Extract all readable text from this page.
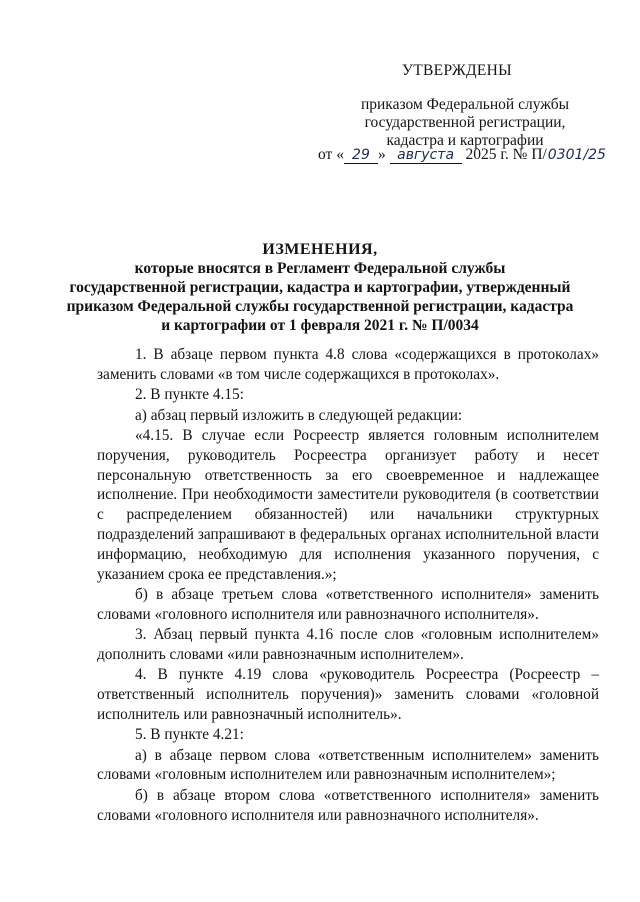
УТВЕРЖДЕНЫ
приказом Федеральной службы
государственной регистрации,
кадастра и картографии
от « 29 » августа 2025 г. № П/0301/25
ИЗМЕНЕНИЯ,
которые вносятся в Регламент Федеральной службы
государственной регистрации, кадастра и картографии, утвержденный
приказом Федеральной службы государственной регистрации, кадастра
и картографии от 1 февраля 2021 г. № П/0034

1. В абзаце первом пункта 4.8 слова «содержащихся в протоколах» заменить словами «в том числе содержащихся в протоколах».

2. В пункте 4.15:

а) абзац первый изложить в следующей редакции:

«4.15. В случае если Росреестр является головным исполнителем поручения, руководитель Росреестра организует работу и несет персональную ответственность за его своевременное и надлежащее исполнение. При необходимости заместители руководителя (в соответствии с распределением обязанностей) или начальники структурных подразделений запрашивают в федеральных органах исполнительной власти информацию, необходимую для исполнения указанного поручения, с указанием срока ее представления.»;

б) в абзаце третьем слова «ответственного исполнителя» заменить словами «головного исполнителя или равнозначного исполнителя».

3. Абзац первый пункта 4.16 после слов «головным исполнителем» дополнить словами «или равнозначным исполнителем».

4. В пункте 4.19 слова «руководитель Росреестра (Росреестр – ответственный исполнитель поручения)» заменить словами «головной исполнитель или равнозначный исполнитель».

5. В пункте 4.21:

а) в абзаце первом слова «ответственным исполнителем» заменить словами «головным исполнителем или равнозначным исполнителем»;

б) в абзаце втором слова «ответственного исполнителя» заменить словами «головного исполнителя или равнозначного исполнителя».
